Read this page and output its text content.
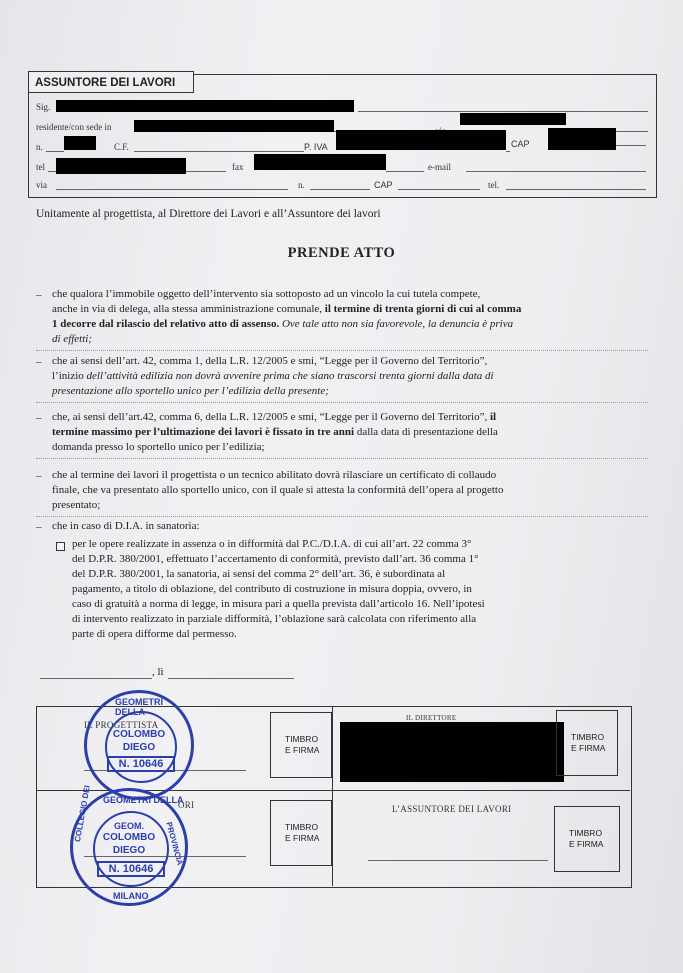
ASSUNTORE DEI LAVORI
Sig.
residente/con sede in
n.	C.F.	P. IVA	CAP
tel	fax	e-mail
via	n.	CAP	tel.
Unitamente al progettista, al Direttore dei Lavori e all’Assuntore dei lavori
PRENDE ATTO
– che qualora l’immobile oggetto dell’intervento sia sottoposto ad un vincolo la cui tutela compete,
anche in via di delega, alla stessa amministrazione comunale, il termine di trenta giorni di cui al comma
1 decorre dal rilascio del relativo atto di assenso. Ove tale atto non sia favorevole, la denuncia è priva
di effetti;
– che ai sensi dell’art. 42, comma 1, della L.R. 12/2005 e smi, “Legge per il Governo del Territorio”,
l’inizio dell’attività edilizia non dovrà avvenire prima che siano trascorsi trenta giorni dalla data di
presentazione allo sportello unico per l’edilizia della presente;
– che, ai sensi dell’art.42, comma 6, della L.R. 12/2005 e smi, “Legge per il Governo del Territorio”, il
termine massimo per l’ultimazione dei lavori è fissato in tre anni dalla data di presentazione della
domanda presso lo sportello unico per l’edilizia;
– che al termine dei lavori il progettista o un tecnico abilitato dovrà rilasciare un certificato di collaudo
finale, che va presentato allo sportello unico, con il quale si attesta la conformità dell’opera al progetto
presentato;
– che in caso di D.I.A. in sanatoria:
per le opere realizzate in assenza o in difformità dal P.C./D.I.A. di cui all’art. 22 comma 3°
del D.P.R. 380/2001, effettuato l’accertamento di conformità, previsto dall’art. 36 comma 1°
del D.P.R. 380/2001, la sanatoria, ai sensi del comma 2° dell’art. 36, è subordinata al
pagamento, a titolo di oblazione, del contributo di costruzione in misura doppia, ovvero, in
caso di gratuità a norma di legge, in misura pari a quella prevista dall’articolo 16. Nell’ipotesi
di intervento realizzato in parziale difformità, l’oblazione sarà calcolata con riferimento alla
parte di opera difforme dal permesso.
, lì
IL PROGETTISTA
TIMBRO
E FIRMA
IL DIRETTORE
TIMBRO
E FIRMA
ORI
TIMBRO
E FIRMA
L’ASSUNTORE DEI LAVORI
TIMBRO
E FIRMA
GEOMETRI DELLA
COLOMBO
DIEGO
N. 10646
GEOMETRI DELLA
COLLEGIO DEI
PROVINCIA
MILANO
GEOM.
COLOMBO
DIEGO
N. 10646
